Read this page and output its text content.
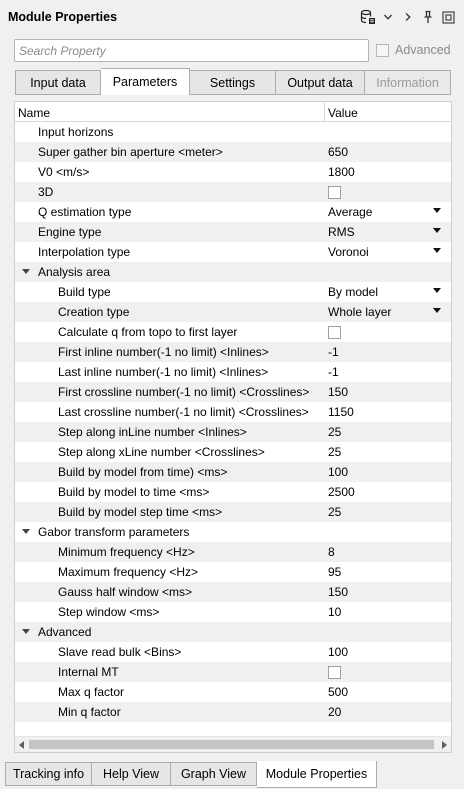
Module Properties
Search Property
Advanced
Input data Parameters	Settings	Output data Information
Name	Value
Input horizons
Super gather bin aperture <meter>	650
V0 <m/s>	1800
3D
Q estimation type	Average
Engine type	RMS
Interpolation type	Voronoi
Analysis area
Build type	By model
Creation type	Whole layer
Calculate q from topo to first layer
First inline number(-1 no limit) <Inlines>	-1
Last inline number(-1 no limit) <Inlines>	-1
First crossline number(-1 no limit) <Crosslines> 150
Last crossline number(-1 no limit) <Crosslines> 1150
Step along inLine number <Inlines>	25
Step along xLine number <Crosslines>	25
Build by model from time) <ms>	100
Build by model to time <ms>	2500
Build by model step time <ms>	25
Gabor transform parameters
Minimum frequency <Hz>	8
Maximum frequency <Hz>	95
Gauss half window <ms>	150
Step window <ms>	10
Advanced
Slave read bulk <Bins>	100
Internal MT
Max q factor	500
Min q factor	20
Tracking info Help View Graph View Module Properties
